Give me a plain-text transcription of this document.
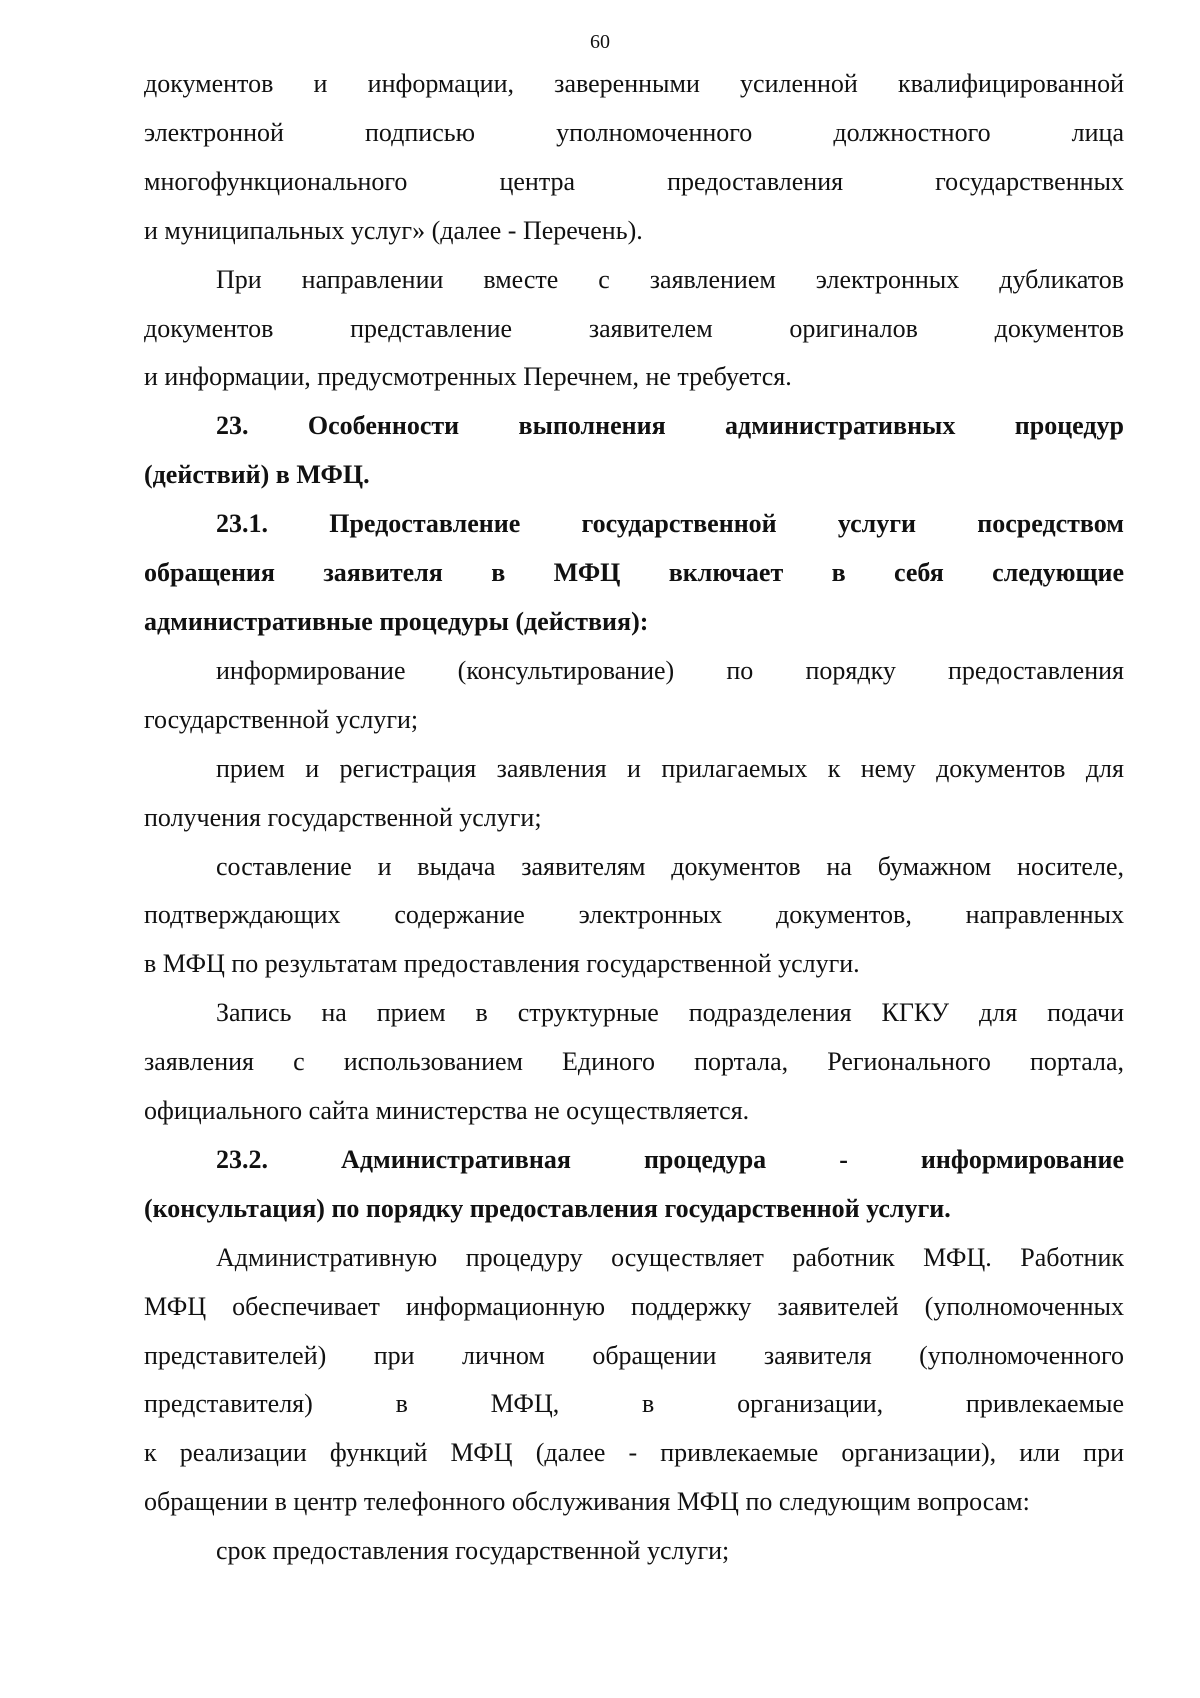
60
документов и информации, заверенными усиленной квалифицированной
электронной подписью уполномоченного должностного лица
многофункционального центра предоставления государственных
и муниципальных услуг» (далее - Перечень).
При направлении вместе с заявлением электронных дубликатов
документов представление заявителем оригиналов документов
и информации, предусмотренных Перечнем, не требуется.
23. Особенности выполнения административных процедур
(действий) в МФЦ.
23.1. Предоставление государственной услуги посредством
обращения заявителя в МФЦ включает в себя следующие
административные процедуры (действия):
информирование (консультирование) по порядку предоставления
государственной услуги;
прием и регистрация заявления и прилагаемых к нему документов для
получения государственной услуги;
составление и выдача заявителям документов на бумажном носителе,
подтверждающих содержание электронных документов, направленных
в МФЦ по результатам предоставления государственной услуги.
Запись на прием в структурные подразделения КГКУ для подачи
заявления с использованием Единого портала, Регионального портала,
официального сайта министерства не осуществляется.
23.2. Административная процедура - информирование
(консультация) по порядку предоставления государственной услуги.
Административную процедуру осуществляет работник МФЦ. Работник
МФЦ обеспечивает информационную поддержку заявителей (уполномоченных
представителей) при личном обращении заявителя (уполномоченного
представителя) в МФЦ, в организации, привлекаемые
к реализации функций МФЦ (далее - привлекаемые организации), или при
обращении в центр телефонного обслуживания МФЦ по следующим вопросам:
срок предоставления государственной услуги;
